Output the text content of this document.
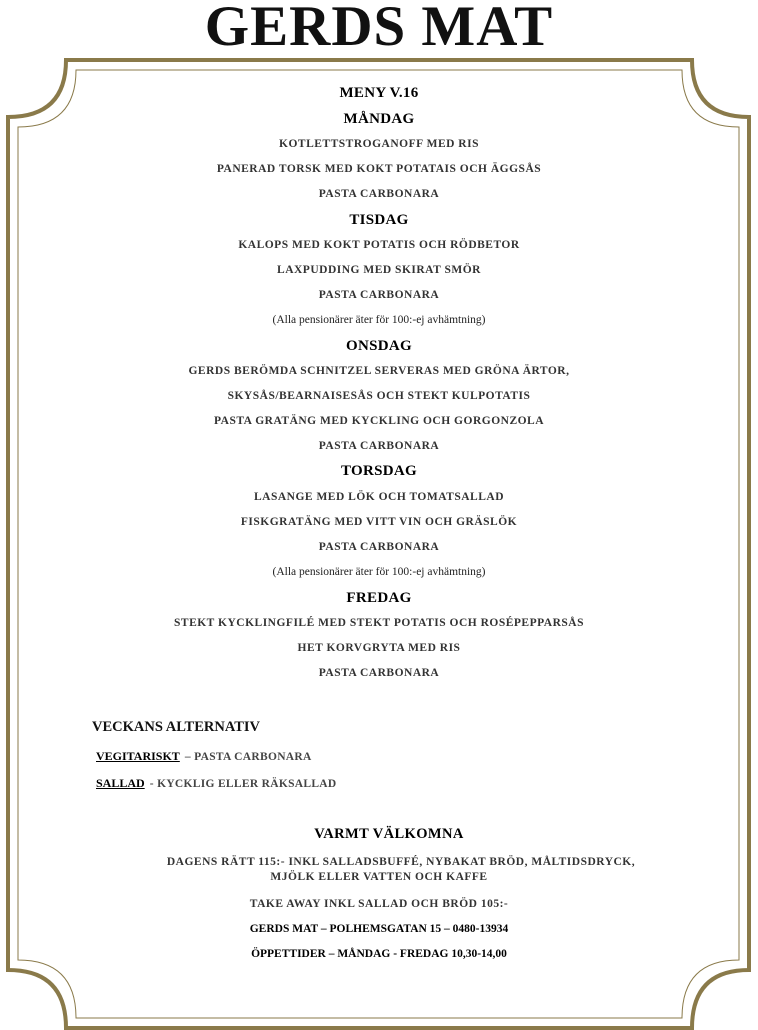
GERDS MAT
MENY V.16
MÅNDAG
KOTLETTSTROGANOFF MED RIS
PANERAD TORSK MED KOKT POTATAIS OCH ÄGGSÅS
PASTA CARBONARA
TISDAG
KALOPS MED KOKT POTATIS OCH RÖDBETOR
LAXPUDDING MED SKIRAT SMÖR
PASTA CARBONARA
(Alla pensionärer äter för 100:-ej avhämtning)
ONSDAG
GERDS BERÖMDA SCHNITZEL SERVERAS MED GRÖNA ÄRTOR,
SKYSÅS/BEARNAISESÅS OCH STEKT KULPOTATIS
PASTA GRATÄNG MED KYCKLING OCH GORGONZOLA
PASTA CARBONARA
TORSDAG
LASANGE MED LÖK OCH TOMATSALLAD
FISKGRATÄNG MED VITT VIN OCH GRÄSLÖK
PASTA CARBONARA
(Alla pensionärer äter för 100:-ej avhämtning)
FREDAG
STEKT KYCKLINGFILÉ MED STEKT POTATIS OCH ROSÉPEPPARSÅS
HET KORVGRYTA MED RIS
PASTA CARBONARA
VECKANS ALTERNATIV
VEGITARISKT – PASTA CARBONARA
SALLAD - KYCKLIG ELLER RÄKSALLAD
VARMT VÄLKOMNA
DAGENS RÄTT 115:- INKL SALLADSBUFFÉ, NYBAKAT BRÖD, MÅLTIDSDRYCK,
MJÖLK ELLER VATTEN OCH KAFFE
TAKE AWAY INKL SALLAD OCH BRÖD 105:-
GERDS MAT – POLHEMSGATAN 15 – 0480-13934
ÖPPETTIDER – MÅNDAG - FREDAG 10,30-14,00
